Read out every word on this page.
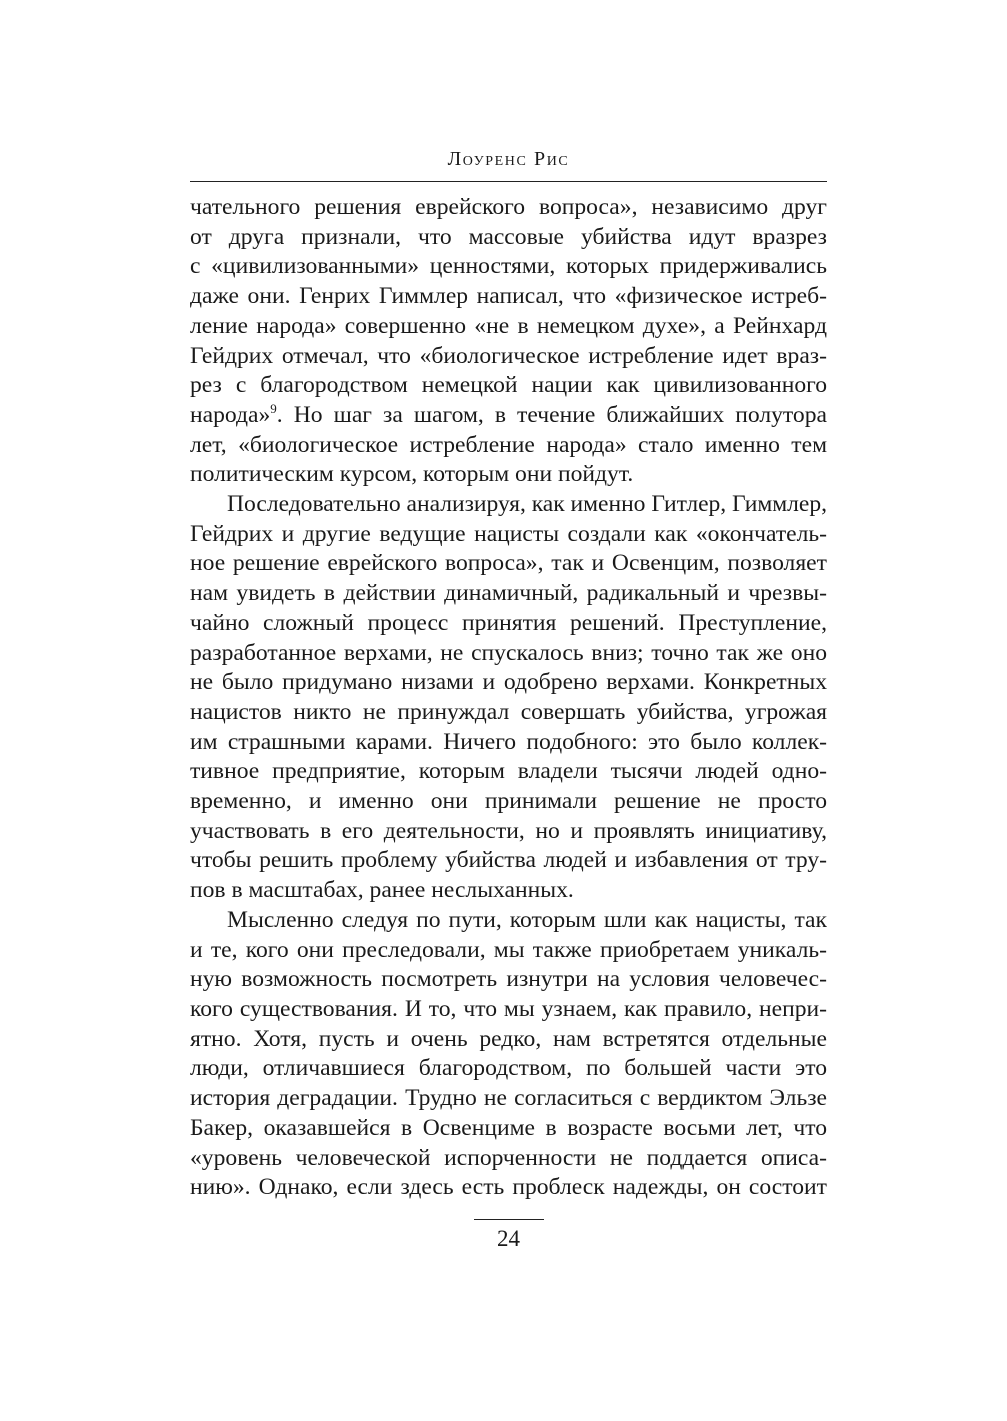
Лоуренс Рис
чательного решения еврейского вопроса», независимо друг
от друга признали, что массовые убийства идут вразрез
с «цивилизованными» ценностями, которых придерживались
даже они. Генрих Гиммлер написал, что «физическое истреб-
ление народа» совершенно «не в немецком духе», а Рейнхард
Гейдрих отмечал, что «биологическое истребление идет враз-
рез с благородством немецкой нации как цивилизованного
народа»$^9$. Но шаг за шагом, в течение ближайших полутора
лет, «биологическое истребление народа» стало именно тем
политическим курсом, которым они пойдут.
Последовательно анализируя, как именно Гитлер, Гиммлер,
Гейдрих и другие ведущие нацисты создали как «окончатель-
ное решение еврейского вопроса», так и Освенцим, позволяет
нам увидеть в действии динамичный, радикальный и чрезвы-
чайно сложный процесс принятия решений. Преступление,
разработанное верхами, не спускалось вниз; точно так же оно
не было придумано низами и одобрено верхами. Конкретных
нацистов никто не принуждал совершать убийства, угрожая
им страшными карами. Ничего подобного: это было коллек-
тивное предприятие, которым владели тысячи людей одно-
временно, и именно они принимали решение не просто
участвовать в его деятельности, но и проявлять инициативу,
чтобы решить проблему убийства людей и избавления от тру-
пов в масштабах, ранее неслыханных.
Мысленно следуя по пути, которым шли как нацисты, так
и те, кого они преследовали, мы также приобретаем уникаль-
ную возможность посмотреть изнутри на условия человечес-
кого существования. И то, что мы узнаем, как правило, непри-
ятно. Хотя, пусть и очень редко, нам встретятся отдельные
люди, отличавшиеся благородством, по большей части это
история деградации. Трудно не согласиться с вердиктом Эльзе
Бакер, оказавшейся в Освенциме в возрасте восьми лет, что
«уровень человеческой испорченности не поддается описа-
нию». Однако, если здесь есть проблеск надежды, он состоит
24
